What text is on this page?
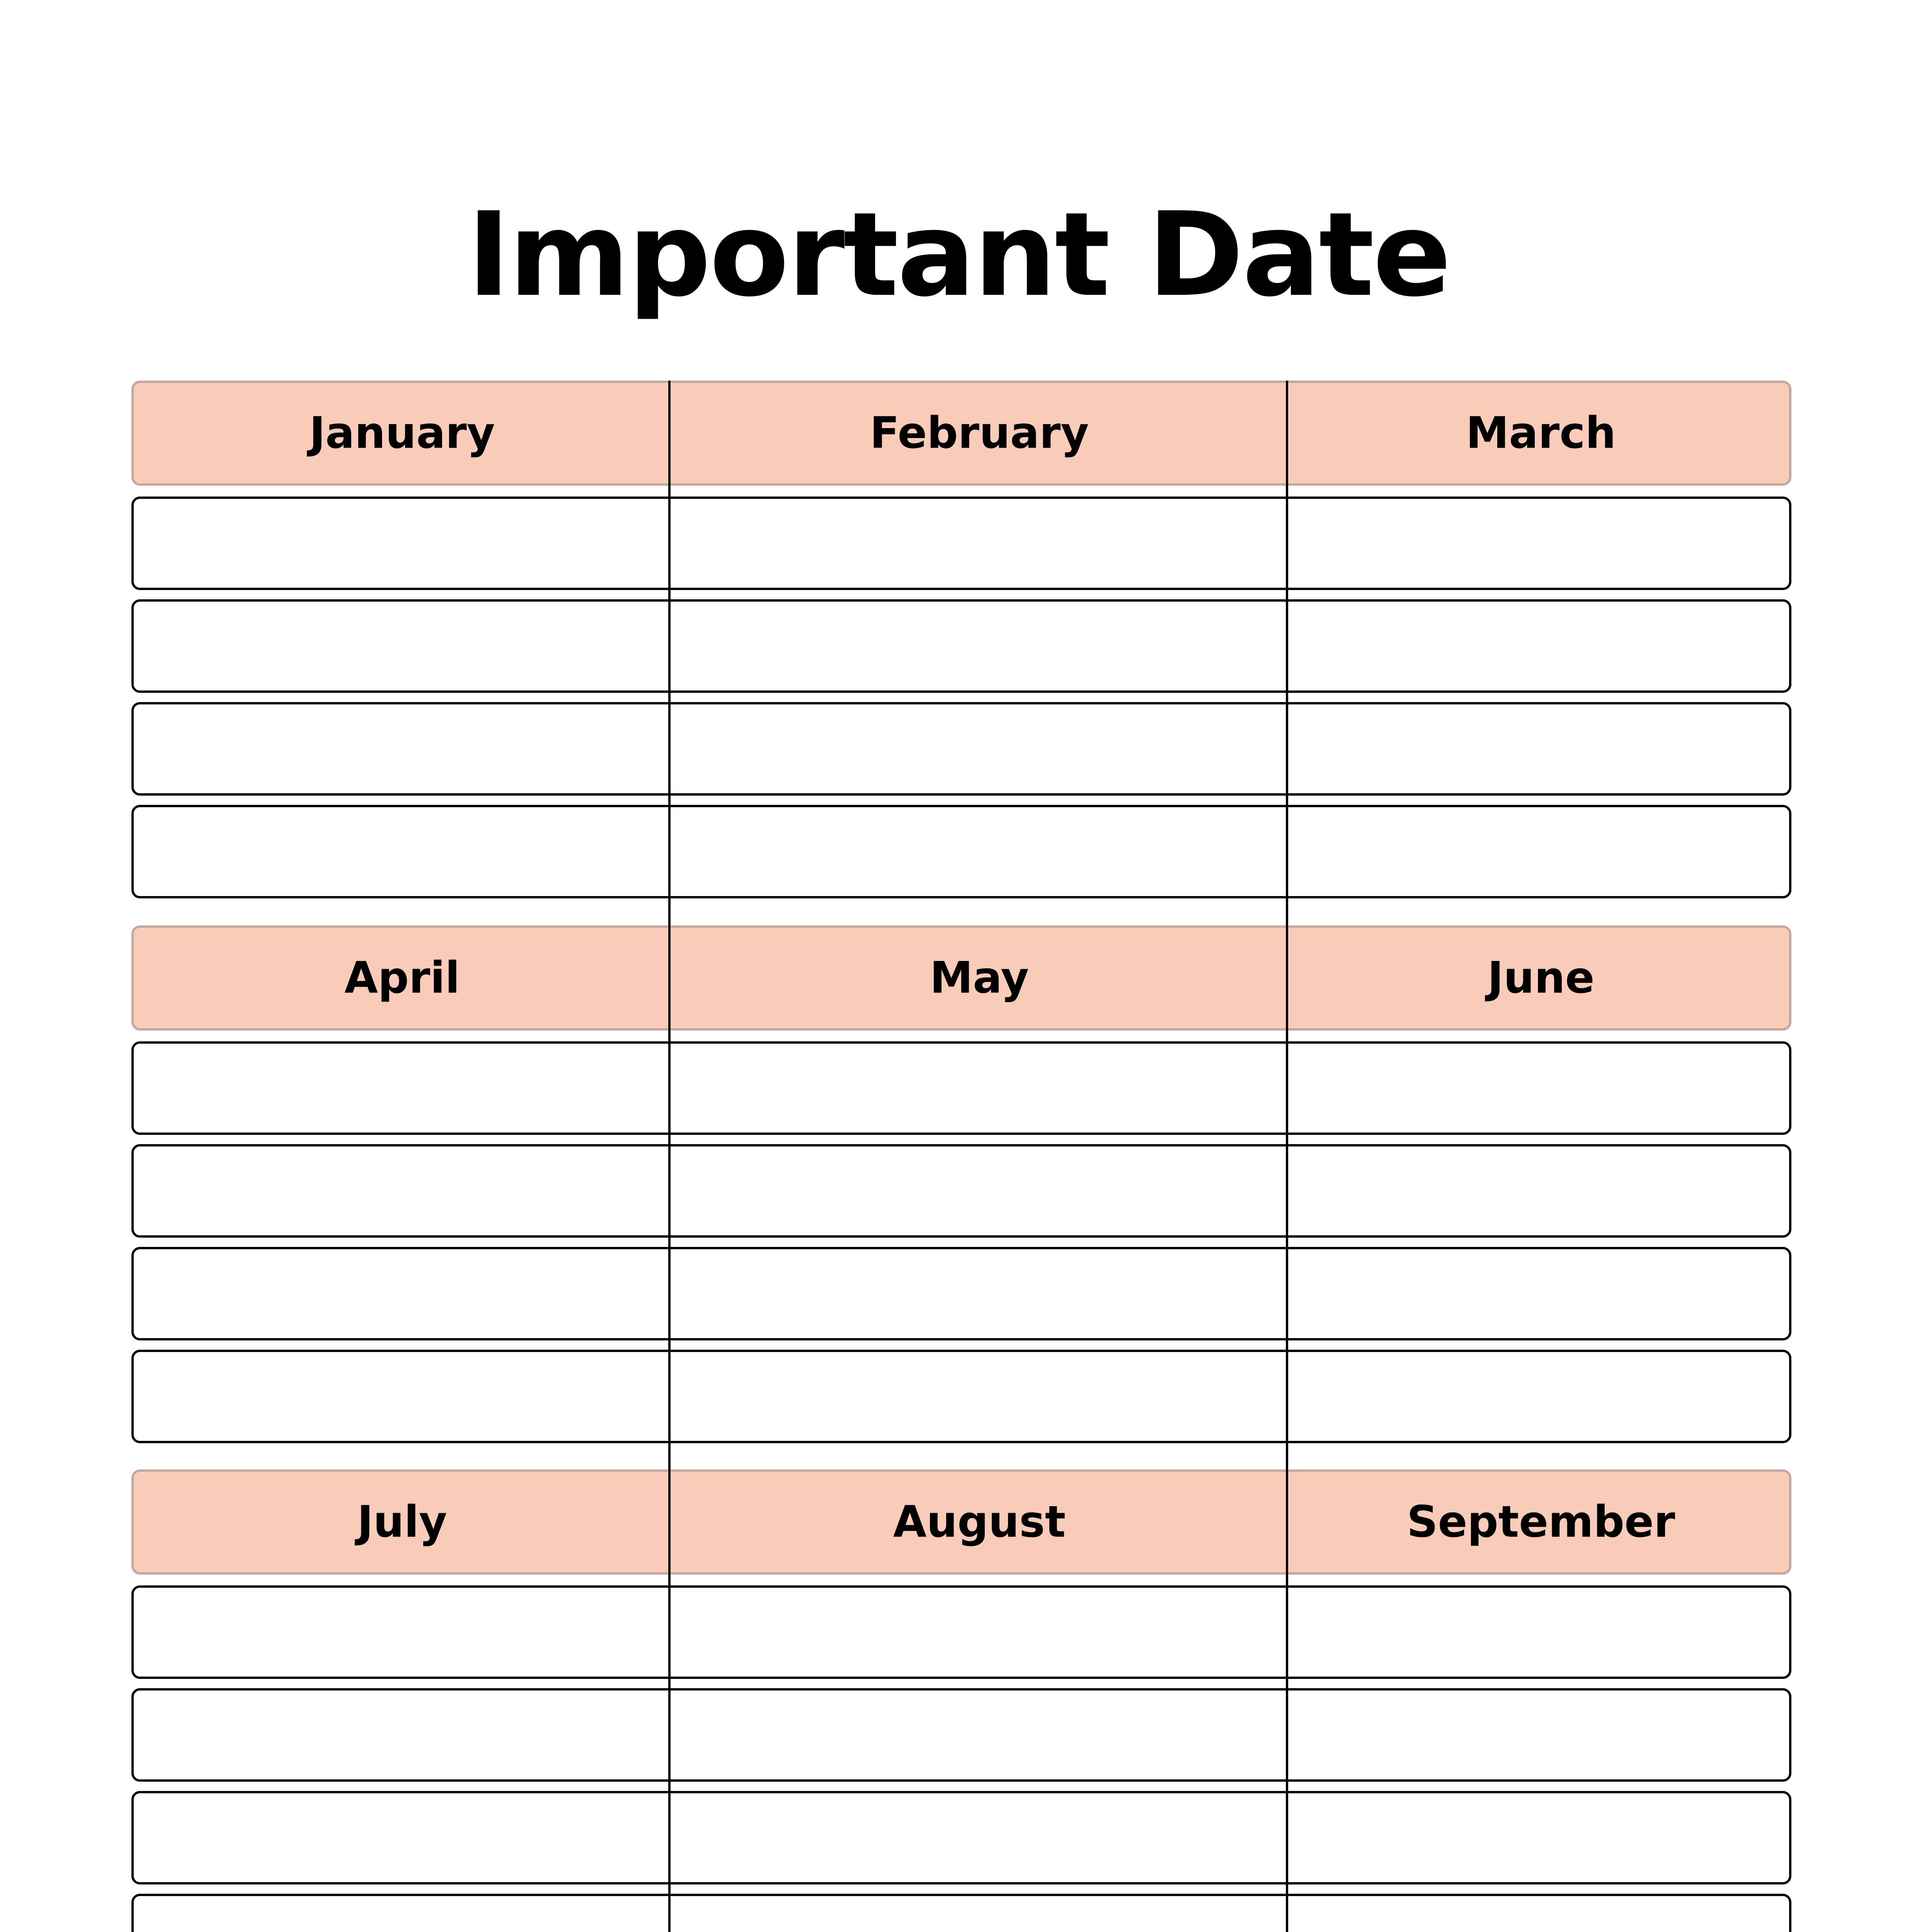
Important Date
January	February	March
April	May	June
July	August	September
